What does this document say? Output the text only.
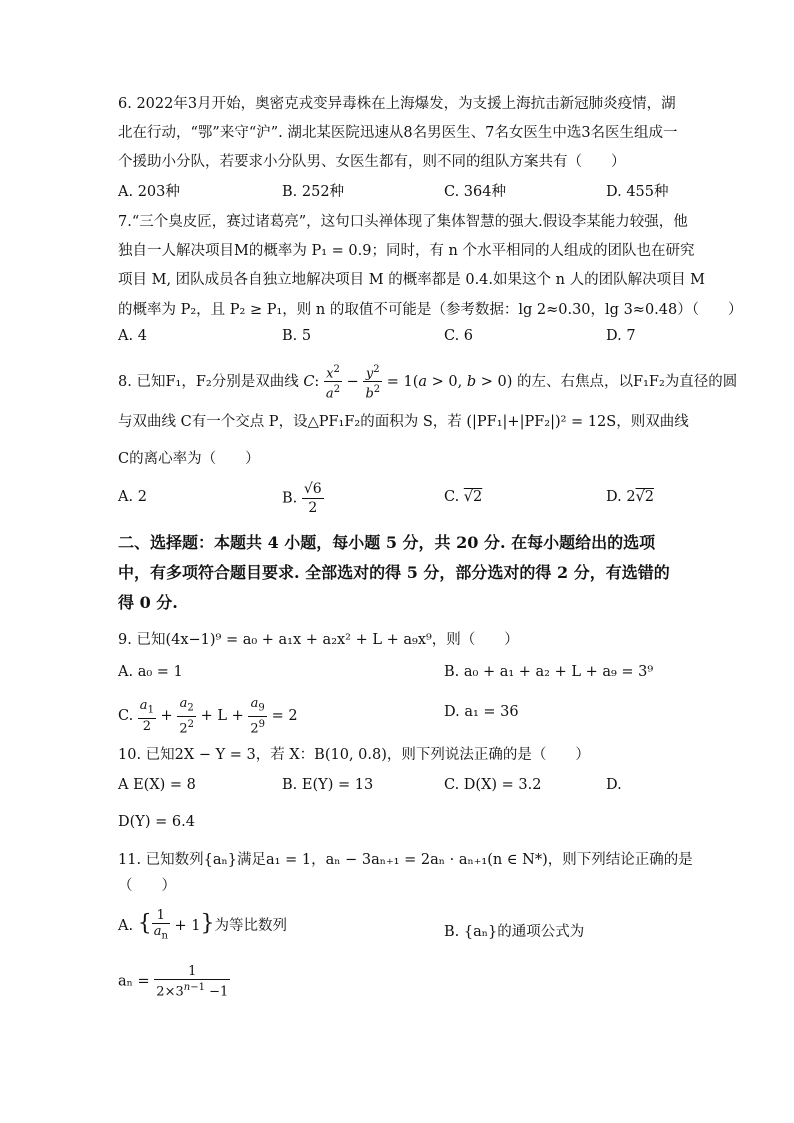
6. 2022年3月开始，奥密克戎变异毒株在上海爆发，为支援上海抗击新冠肺炎疫情，湖北在行动，“鄂”来守“沪”. 湖北某医院迅速从8名男医生、7名女医生中选3名医生组成一个援助小分队，若要求小分队男、女医生都有，则不同的组队方案共有（　　）
A. 203种	B. 252种	C. 364种	D. 455种
7.“三个臭皮匠，赛过诸葛亮”，这句口头禅体现了集体智慧的强大.假设李某能力较强，他
独自一人解决项目M的概率为 P₁ = 0.9；同时，有 n 个水平相同的人组成的团队也在研究
项目 M, 团队成员各自独立地解决项目 M 的概率都是 0.4.如果这个 n 人的团队解决项目 M
的概率为 P₂，且 P₂ ≥ P₁，则 n 的取值不可能是（参考数据：lg 2≈0.30，lg 3≈0.48）（　　）
A. 4	B. 5	C. 6	D. 7
8. 已知F₁，F₂分别是双曲线 C: $\frac{x^2}{a^2} - \frac{y^2}{b^2} = 1(a > 0$, b > 0) 的左、右焦点，以F₁F₂为直径的圆
与双曲线 C有一个交点 P，设△PF₁F₂的面积为 S，若 (|PF₁|+|PF₂|)² = 12S，则双曲线
C的离心率为（　　）
A. 2	B. $\frac{√6}{2}$	C. √2	D. 2√2
二、选择题：本题共 4 小题，每小题 5 分，共 20 分. 在每小题给出的选项中，有多项符合题目要求. 全部选对的得 5 分，部分选对的得 2 分，有选错的得 0 分.
9. 已知(4x−1)⁹ = a₀ + a₁x + a₂x² + L + a₉x⁹，则（　　）
A. a₀ = 1	B. a₀ + a₁ + a₂ + L + a₉ = 3⁹
C. $\frac{a_1}{2} + \frac{a_2}{2^2} + L + \frac{a_9}{2^9} = 2$	D. a₁ = 36
10. 已知2X − Y = 3，若 X：B(10, 0.8)，则下列说法正确的是（　　）
A E(X) = 8	B. E(Y) = 13	C. D(X) = 3.2	D.
D(Y) = 6.4
11. 已知数列{aₙ}满足a₁ = 1，aₙ − 3aₙ₊₁ = 2aₙ · aₙ₊₁(n ∈ N*)，则下列结论正确的是
（　　）
A. { $\frac{1}{a_n} + 1$}为等比数列	B. {aₙ}的通项公式为
$a_n = \frac{1}{2\times 3^{n-1} -1}$
